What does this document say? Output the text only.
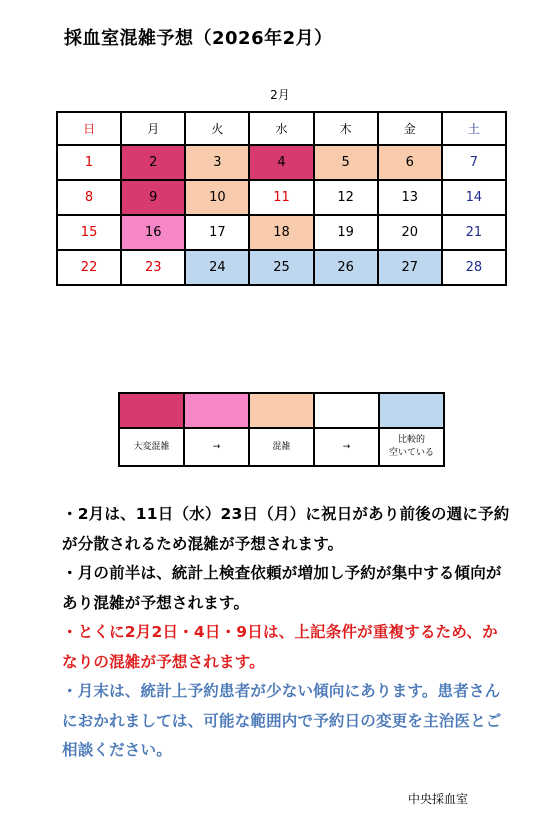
採血室混雑予想（2026年2月）
2月
日	月	火	水	木	金	土
1	2	3	4	5	6	7
8	9	10	11	12	13	14
15	16	17	18	19	20	21
22	23	24	25	26	27	28

大変混雑	→	混雑	→	比較的
空いている

・2月は、11日（水）23日（月）に祝日があり前後の週に予約が分散されるため混雑が予想されます。

・月の前半は、統計上検査依頼が増加し予約が集中する傾向があり混雑が予想されます。

・とくに2月2日・4日・9日は、上記条件が重複するため、かなりの混雑が予想されます。

・月末は、統計上予約患者が少ない傾向にあります。患者さんにおかれましては、可能な範囲内で予約日の変更を主治医とご相談ください。

中央採血室
